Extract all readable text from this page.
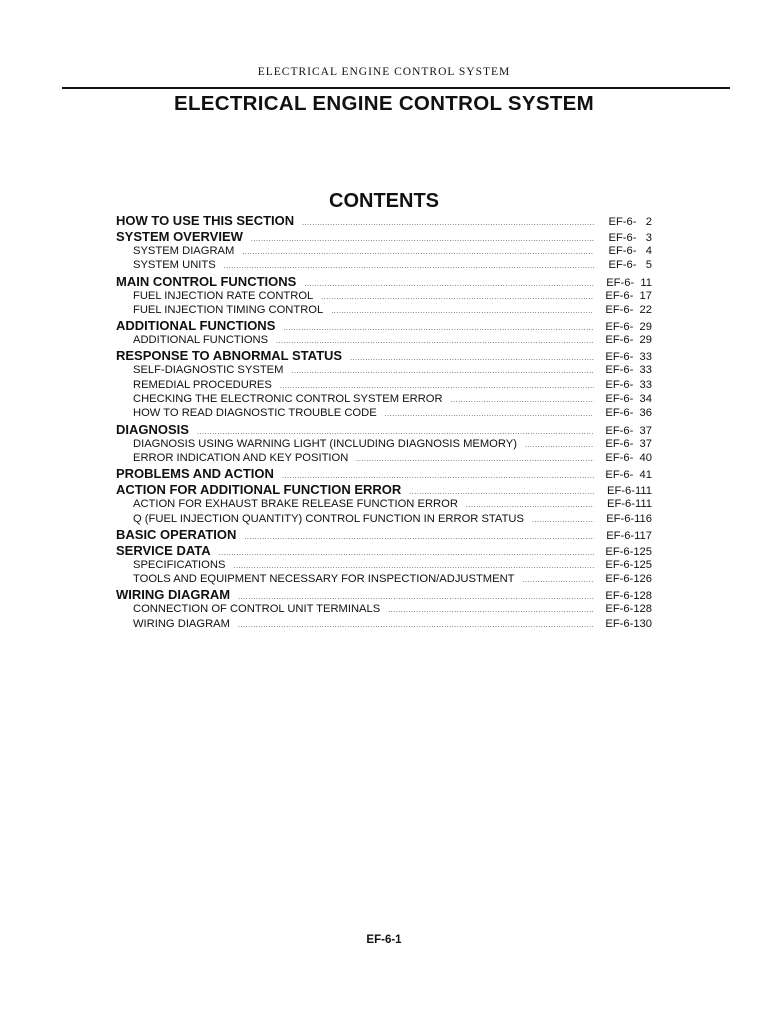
ELECTRICAL ENGINE CONTROL SYSTEM
ELECTRICAL ENGINE CONTROL SYSTEM
CONTENTS
HOW TO USE THIS SECTION .....	EF-6-   2
SYSTEM OVERVIEW .....	EF-6-   3
SYSTEM DIAGRAM .....	EF-6-   4
SYSTEM UNITS .....	EF-6-   5
MAIN CONTROL FUNCTIONS .....	EF-6-  11
FUEL INJECTION RATE CONTROL .....	EF-6-  17
FUEL INJECTION TIMING CONTROL .....	EF-6-  22
ADDITIONAL FUNCTIONS .....	EF-6-  29
ADDITIONAL FUNCTIONS .....	EF-6-  29
RESPONSE TO ABNORMAL STATUS .....	EF-6-  33
SELF-DIAGNOSTIC SYSTEM .....	EF-6-  33
REMEDIAL PROCEDURES .....	EF-6-  33
CHECKING THE ELECTRONIC CONTROL SYSTEM ERROR .....	EF-6-  34
HOW TO READ DIAGNOSTIC TROUBLE CODE .....	EF-6-  36
DIAGNOSIS .....	EF-6-  37
DIAGNOSIS USING WARNING LIGHT (INCLUDING DIAGNOSIS MEMORY) .....	EF-6-  37
ERROR INDICATION AND KEY POSITION .....	EF-6-  40
PROBLEMS AND ACTION .....	EF-6-  41
ACTION FOR ADDITIONAL FUNCTION ERROR .....	EF-6-111
ACTION FOR EXHAUST BRAKE RELEASE FUNCTION ERROR .....	EF-6-111
Q (FUEL INJECTION QUANTITY) CONTROL FUNCTION IN ERROR STATUS .....	EF-6-116
BASIC OPERATION .....	EF-6-117
SERVICE DATA .....	EF-6-125
SPECIFICATIONS .....	EF-6-125
TOOLS AND EQUIPMENT NECESSARY FOR INSPECTION/ADJUSTMENT .....	EF-6-126
WIRING DIAGRAM .....	EF-6-128
CONNECTION OF CONTROL UNIT TERMINALS .....	EF-6-128
WIRING DIAGRAM .....	EF-6-130
EF-6-1
